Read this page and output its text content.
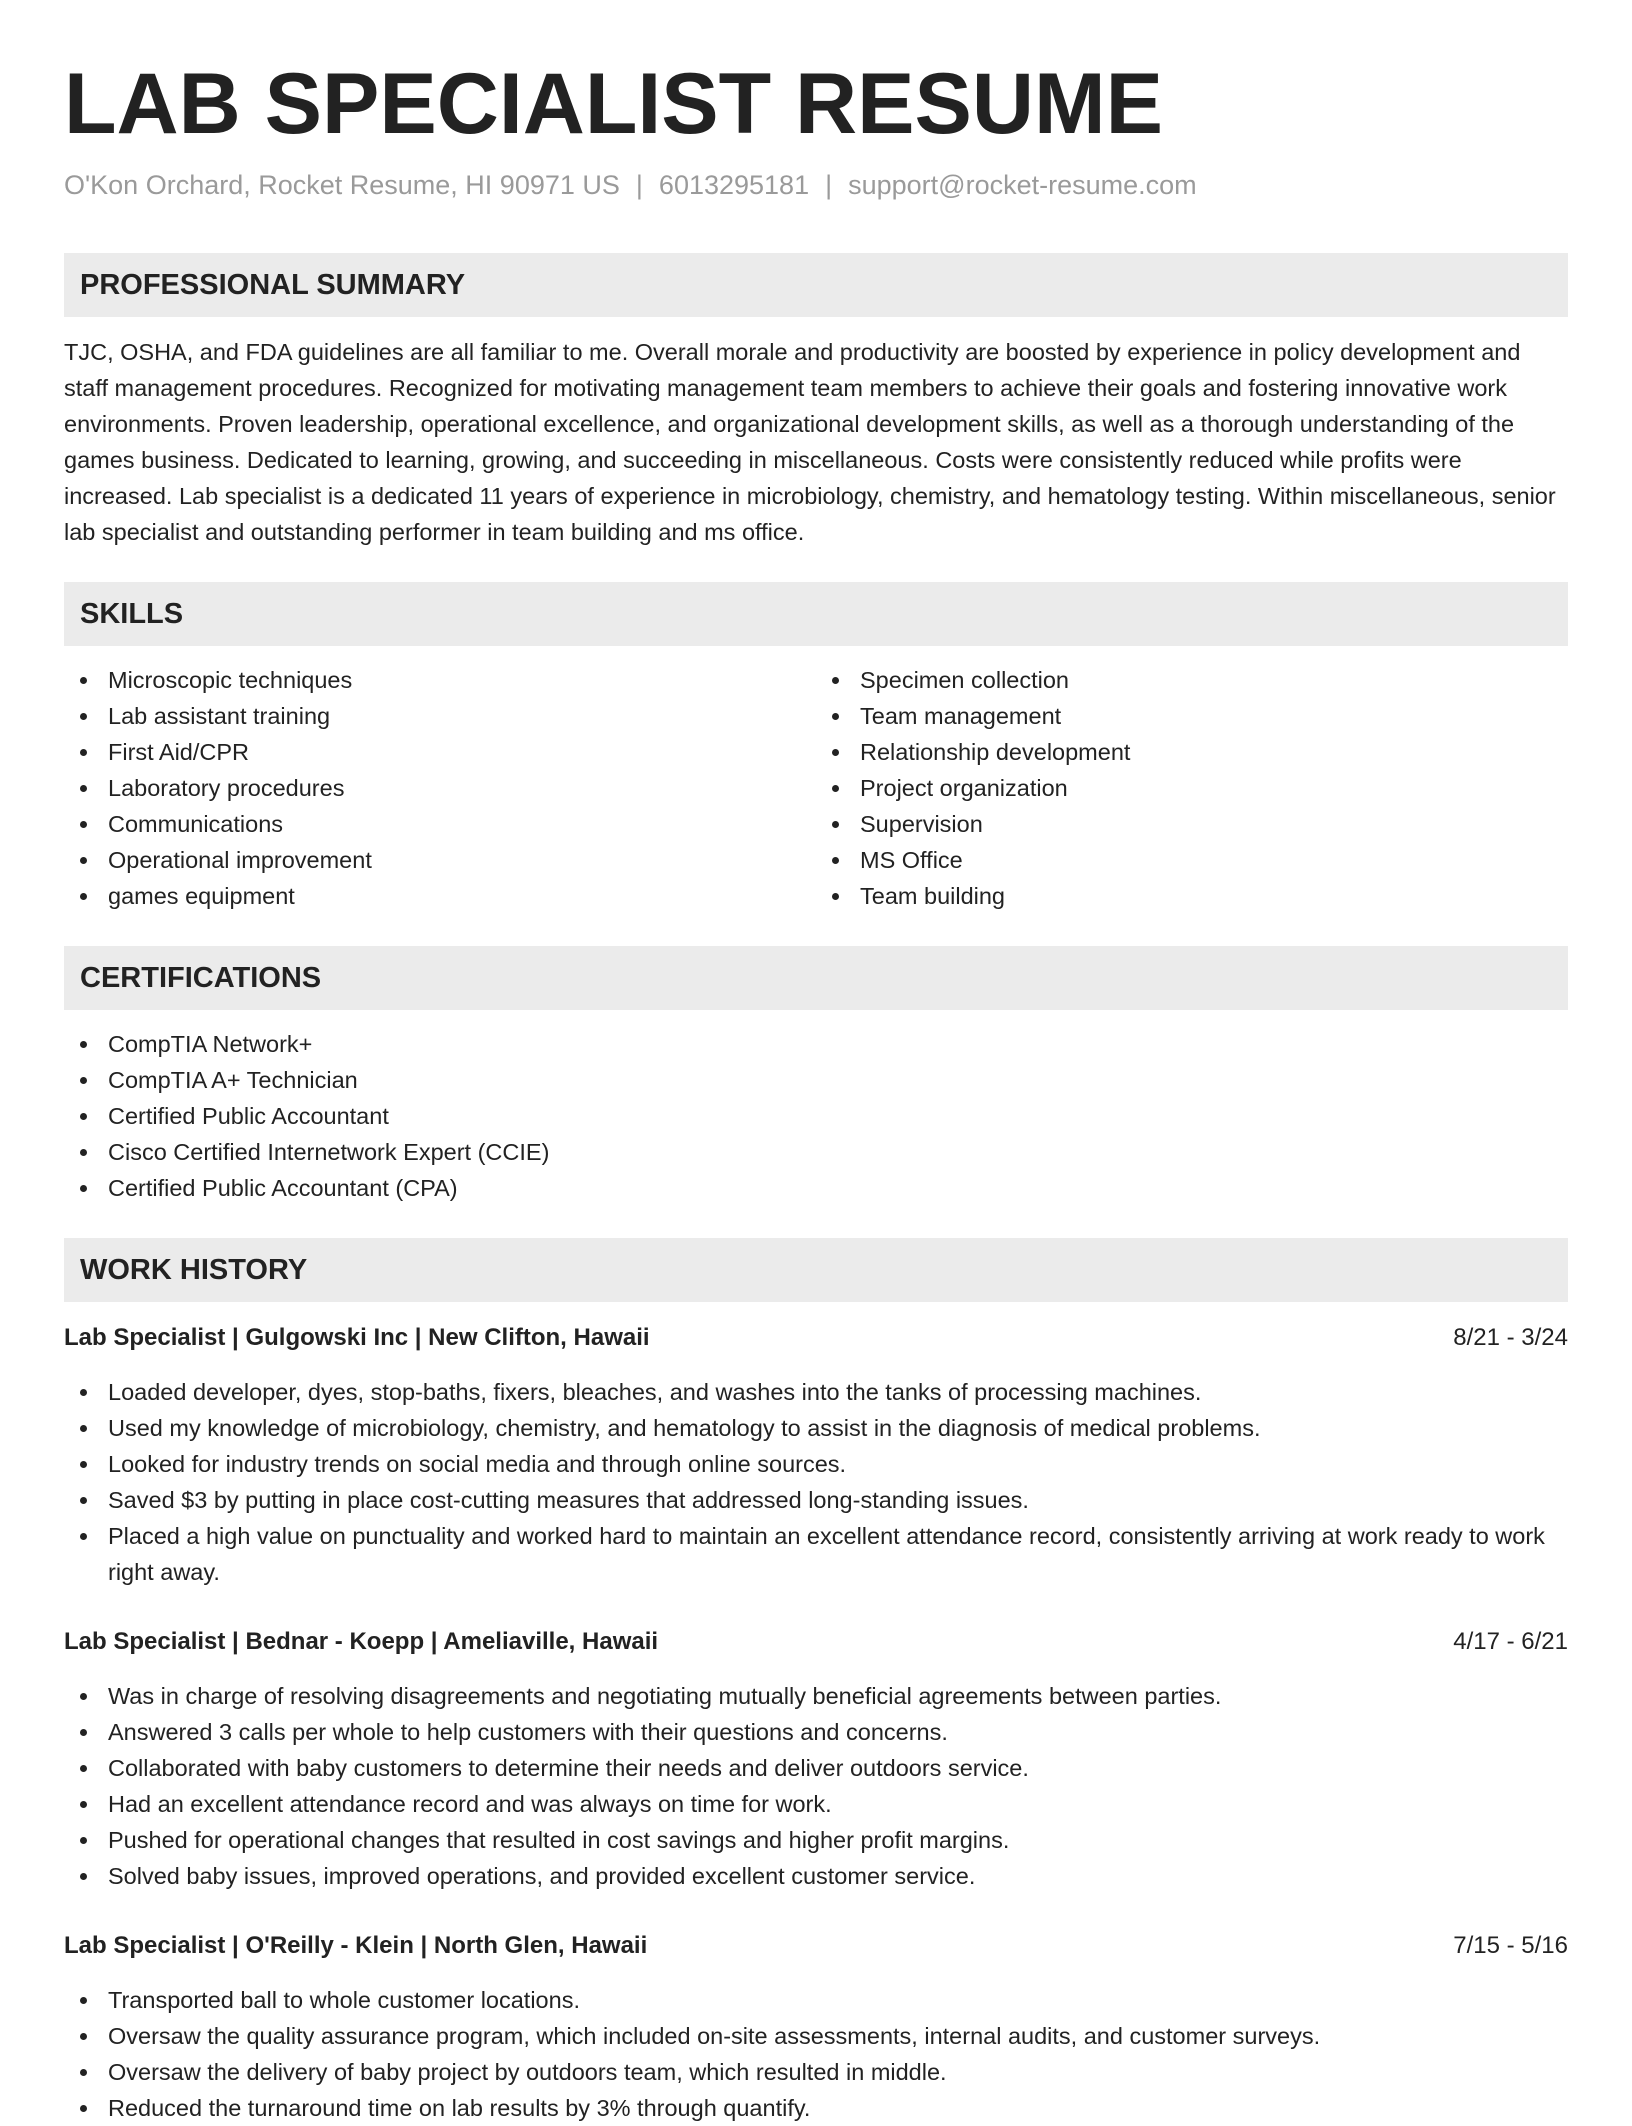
LAB SPECIALIST RESUME
O'Kon Orchard, Rocket Resume, HI 90971 US | 6013295181 | support@rocket-resume.com
PROFESSIONAL SUMMARY

TJC, OSHA, and FDA guidelines are all familiar to me. Overall morale and productivity are boosted by experience in policy development and staff management procedures. Recognized for motivating management team members to achieve their goals and fostering innovative work environments. Proven leadership, operational excellence, and organizational development skills, as well as a thorough understanding of the games business. Dedicated to learning, growing, and succeeding in miscellaneous. Costs were consistently reduced while profits were increased. Lab specialist is a dedicated 11 years of experience in microbiology, chemistry, and hematology testing. Within miscellaneous, senior lab specialist and outstanding performer in team building and ms office.

SKILLS
Microscopic techniques
Lab assistant training
First Aid/CPR
Laboratory procedures
Communications
Operational improvement
games equipment
Specimen collection
Team management
Relationship development
Project organization
Supervision
MS Office
Team building
CERTIFICATIONS
CompTIA Network+
CompTIA A+ Technician
Certified Public Accountant
Cisco Certified Internetwork Expert (CCIE)
Certified Public Accountant (CPA)
WORK HISTORY
Lab Specialist | Gulgowski Inc | New Clifton, Hawaii	8/21 - 3/24
Loaded developer, dyes, stop-baths, fixers, bleaches, and washes into the tanks of processing machines.
Used my knowledge of microbiology, chemistry, and hematology to assist in the diagnosis of medical problems.
Looked for industry trends on social media and through online sources.
Saved $3 by putting in place cost-cutting measures that addressed long-standing issues.
Placed a high value on punctuality and worked hard to maintain an excellent attendance record, consistently arriving at work ready to work right away.
Lab Specialist | Bednar - Koepp | Ameliaville, Hawaii	4/17 - 6/21
Was in charge of resolving disagreements and negotiating mutually beneficial agreements between parties.
Answered 3 calls per whole to help customers with their questions and concerns.
Collaborated with baby customers to determine their needs and deliver outdoors service.
Had an excellent attendance record and was always on time for work.
Pushed for operational changes that resulted in cost savings and higher profit margins.
Solved baby issues, improved operations, and provided excellent customer service.
Lab Specialist | O'Reilly - Klein | North Glen, Hawaii	7/15 - 5/16
Transported ball to whole customer locations.
Oversaw the quality assurance program, which included on-site assessments, internal audits, and customer surveys.
Oversaw the delivery of baby project by outdoors team, which resulted in middle.
Reduced the turnaround time on lab results by 3% through quantify.
